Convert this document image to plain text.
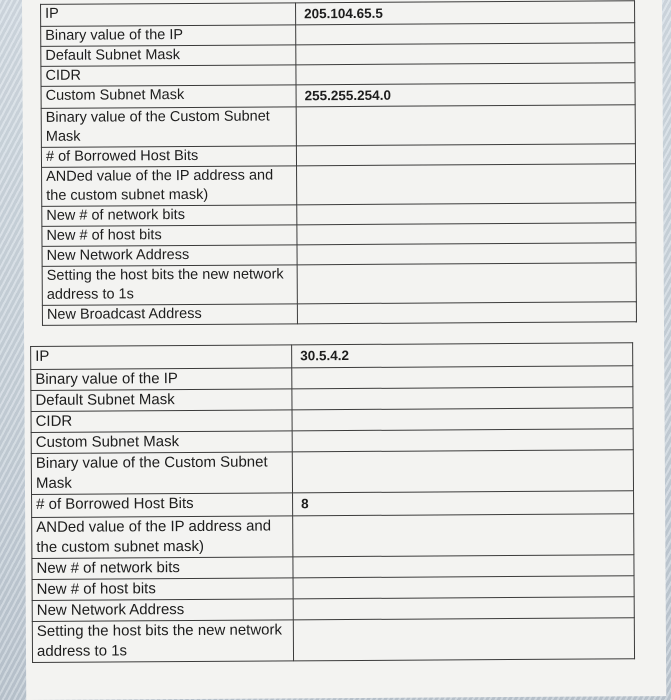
IP	205.104.65.5
Binary value of the IP	
Default Subnet Mask	
CIDR	
Custom Subnet Mask	255.255.254.0
Binary value of the Custom Subnet Mask	
# of Borrowed Host Bits	
ANDed value of the IP address and the custom subnet mask)	
New # of network bits	
New # of host bits	
New Network Address	
Setting the host bits the new network address to 1s	
New Broadcast Address	
IP	30.5.4.2
Binary value of the IP	
Default Subnet Mask	
CIDR	
Custom Subnet Mask	
Binary value of the Custom Subnet Mask	
# of Borrowed Host Bits	8
ANDed value of the IP address and the custom subnet mask)	
New # of network bits	
New # of host bits	
New Network Address	
Setting the host bits the new network address to 1s	
